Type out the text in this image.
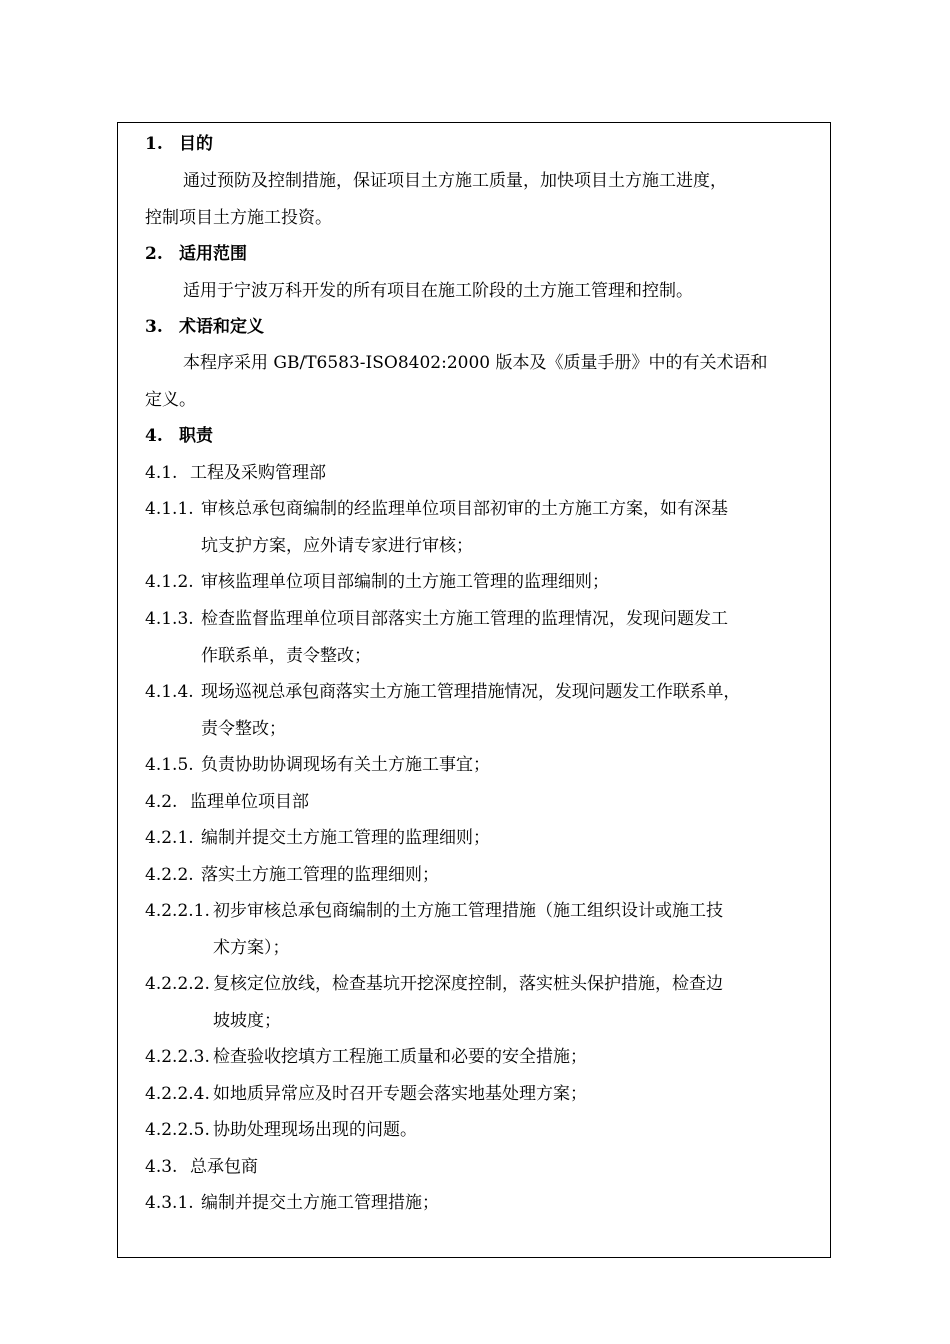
1. 目的
通过预防及控制措施，保证项目土方施工质量，加快项目土方施工进度，
控制项目土方施工投资。
2. 适用范围
适用于宁波万科开发的所有项目在施工阶段的土方施工管理和控制。
3. 术语和定义
本程序采用 GB/T6583-ISO8402:2000 版本及《质量手册》中的有关术语和
定义。
4. 职责
4.1. 工程及采购管理部
4.1.1. 审核总承包商编制的经监理单位项目部初审的土方施工方案，如有深基
坑支护方案，应外请专家进行审核；
4.1.2. 审核监理单位项目部编制的土方施工管理的监理细则；
4.1.3. 检查监督监理单位项目部落实土方施工管理的监理情况，发现问题发工
作联系单，责令整改；
4.1.4. 现场巡视总承包商落实土方施工管理措施情况，发现问题发工作联系单，
责令整改；
4.1.5. 负责协助协调现场有关土方施工事宜；
4.2. 监理单位项目部
4.2.1. 编制并提交土方施工管理的监理细则；
4.2.2. 落实土方施工管理的监理细则；
4.2.2.1. 初步审核总承包商编制的土方施工管理措施（施工组织设计或施工技
术方案）；
4.2.2.2. 复核定位放线，检查基坑开挖深度控制，落实桩头保护措施，检查边
坡坡度；
4.2.2.3. 检查验收挖填方工程施工质量和必要的安全措施；
4.2.2.4. 如地质异常应及时召开专题会落实地基处理方案；
4.2.2.5. 协助处理现场出现的问题。
4.3. 总承包商
4.3.1. 编制并提交土方施工管理措施；
